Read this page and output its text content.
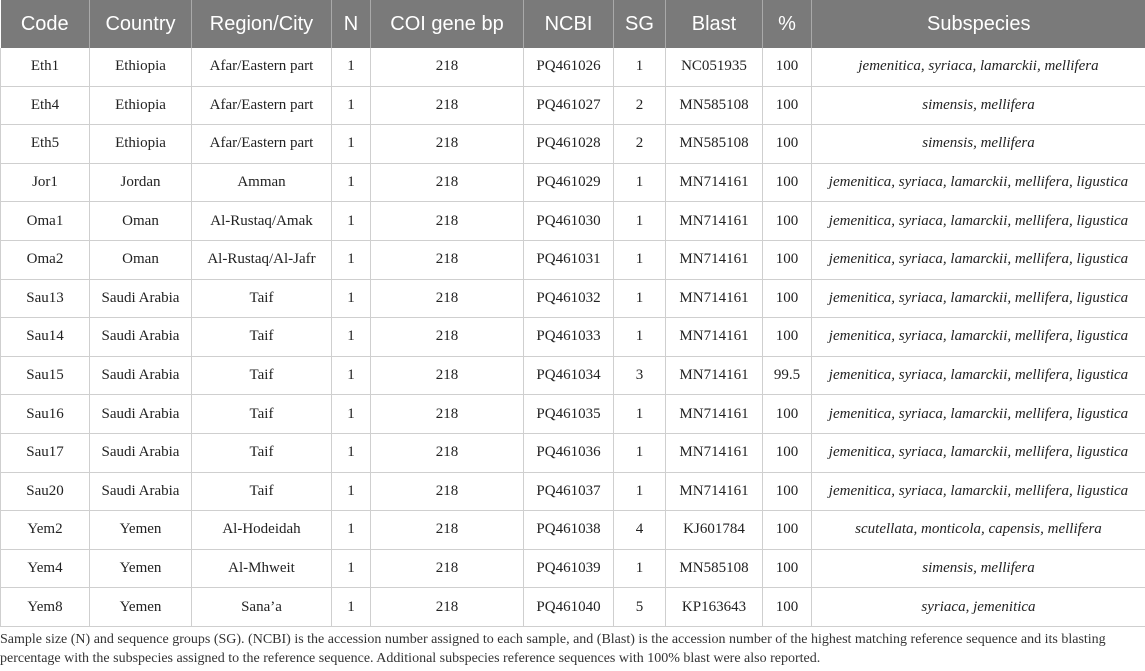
Code	Country	Region/City	N	COI gene bp	NCBI	SG	Blast	%	Subspecies
Eth1	Ethiopia	Afar/Eastern part	1	218	PQ461026	1	NC051935	100	jemenitica, syriaca, lamarckii, mellifera
Eth4	Ethiopia	Afar/Eastern part	1	218	PQ461027	2	MN585108	100	simensis, mellifera
Eth5	Ethiopia	Afar/Eastern part	1	218	PQ461028	2	MN585108	100	simensis, mellifera
Jor1	Jordan	Amman	1	218	PQ461029	1	MN714161	100	jemenitica, syriaca, lamarckii, mellifera, ligustica
Oma1	Oman	Al-Rustaq/Amak	1	218	PQ461030	1	MN714161	100	jemenitica, syriaca, lamarckii, mellifera, ligustica
Oma2	Oman	Al-Rustaq/Al-Jafr	1	218	PQ461031	1	MN714161	100	jemenitica, syriaca, lamarckii, mellifera, ligustica
Sau13	Saudi Arabia	Taif	1	218	PQ461032	1	MN714161	100	jemenitica, syriaca, lamarckii, mellifera, ligustica
Sau14	Saudi Arabia	Taif	1	218	PQ461033	1	MN714161	100	jemenitica, syriaca, lamarckii, mellifera, ligustica
Sau15	Saudi Arabia	Taif	1	218	PQ461034	3	MN714161	99.5	jemenitica, syriaca, lamarckii, mellifera, ligustica
Sau16	Saudi Arabia	Taif	1	218	PQ461035	1	MN714161	100	jemenitica, syriaca, lamarckii, mellifera, ligustica
Sau17	Saudi Arabia	Taif	1	218	PQ461036	1	MN714161	100	jemenitica, syriaca, lamarckii, mellifera, ligustica
Sau20	Saudi Arabia	Taif	1	218	PQ461037	1	MN714161	100	jemenitica, syriaca, lamarckii, mellifera, ligustica
Yem2	Yemen	Al-Hodeidah	1	218	PQ461038	4	KJ601784	100	scutellata, monticola, capensis, mellifera
Yem4	Yemen	Al-Mhweit	1	218	PQ461039	1	MN585108	100	simensis, mellifera
Yem8	Yemen	Sana’a	1	218	PQ461040	5	KP163643	100	syriaca, jemenitica
Sample size (N) and sequence groups (SG). (NCBI) is the accession number assigned to each sample, and (Blast) is the accession number of the highest matching reference sequence and its blasting percentage with the subspecies assigned to the reference sequence. Additional subspecies reference sequences with 100% blast were also reported.
